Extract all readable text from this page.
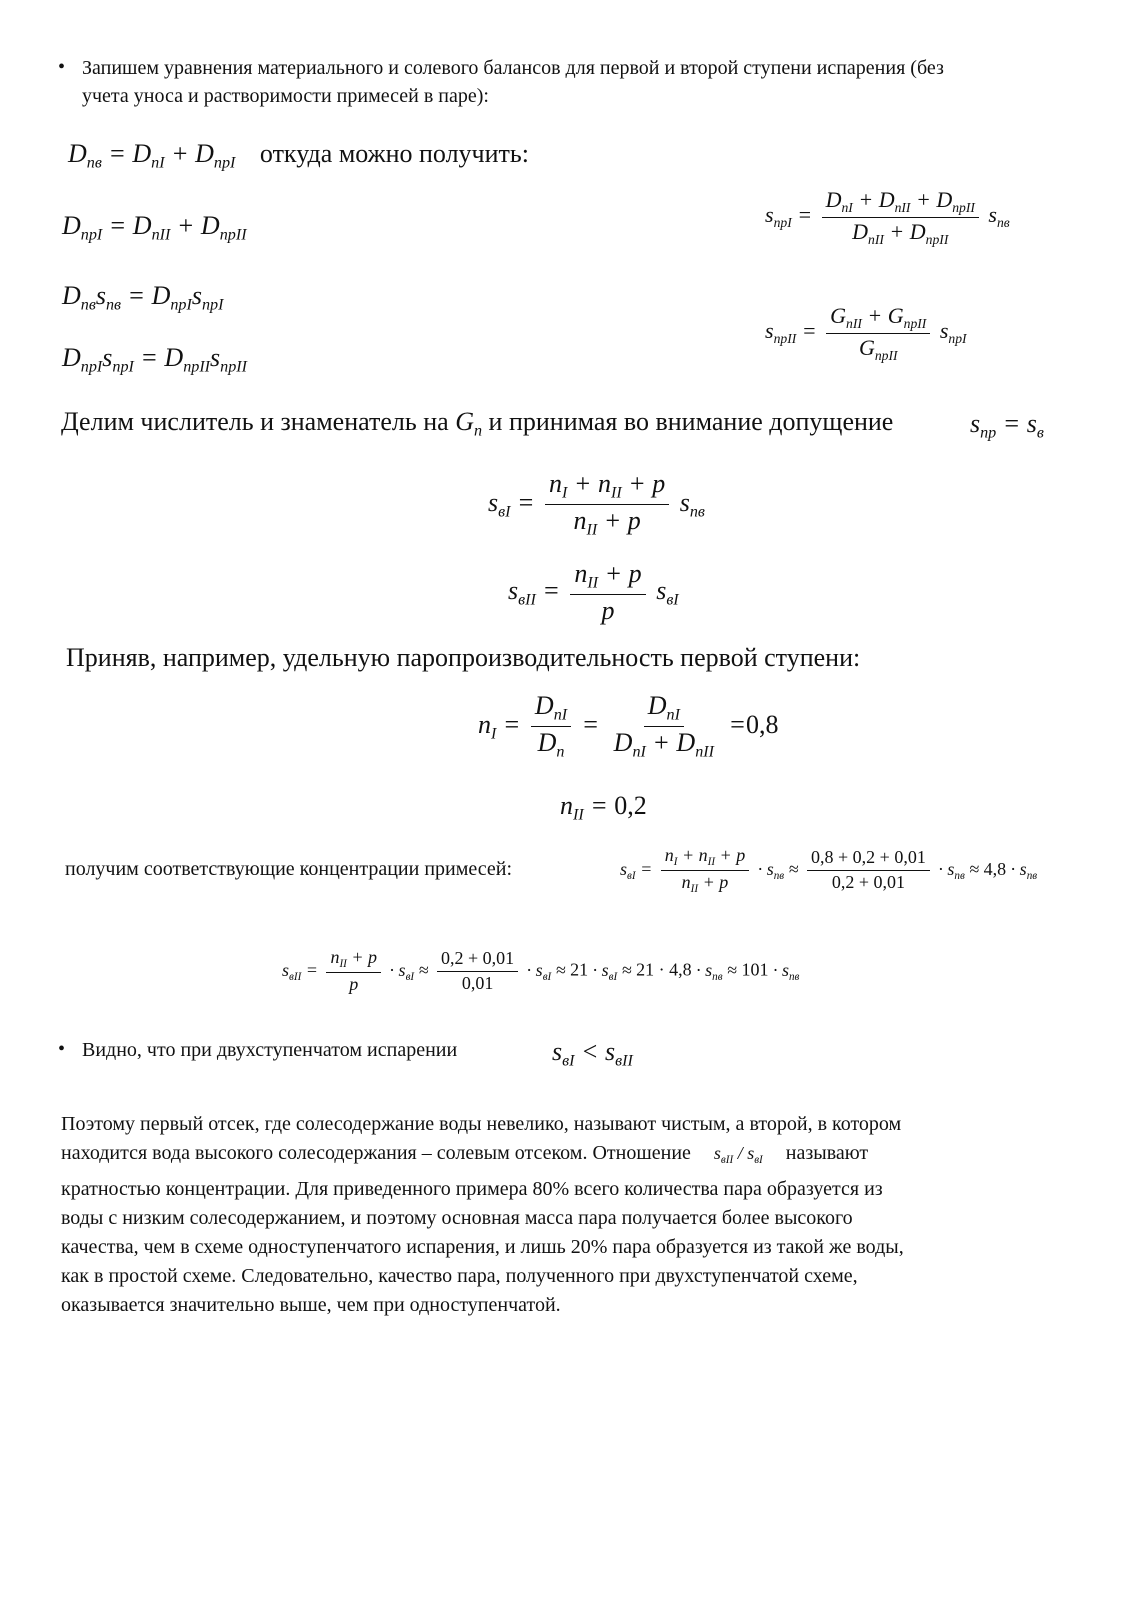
• Запишем уравнения материального и солевого балансов для первой и второй ступени испарения (без
учета уноса и растворимости примесей в паре):
$D_{пв} = D_{пI} + D_{прI}$ откуда можно получить:
$D_{прI} = D_{пII} + D_{прII}$
$D_{пв}s_{пв} = D_{прI}s_{прI}$
$D_{прI}s_{прI} = D_{прII}s_{прII}$
$s_{прI} = \frac{D_{пI} + D_{пII} + D_{прII}}{D_{пII} + D_{прII}} s_{пв}$
$s_{прII} = \frac{G_{пII} + G_{прII}}{G_{прII}} s_{прI}$
Делим числитель и знаменатель на $G_п$ и принимая во внимание допущение	$s_{пр} = s_в$
$s_{вI} = \frac{n_I + n_{II} + p}{n_{II} + p} s_{пв}$
$s_{вII} = \frac{n_{II} + p}{p} s_{вI}$
Приняв, например, удельную паропроизводительность первой ступени:
$n_I = \frac{D_{пI}}{D_п} = \frac{D_{пI}}{D_{пI} + D_{пII}} =0,8$
$n_{II} = 0,2$
получим соответствующие концентрации примесей:	$s_{вI} = \frac{n_I + n_{II} + p}{n_{II} + p} \cdot s_{пв} \approx \frac{0,8 + 0,2 + 0,01}{0,2 + 0,01} \cdot s_{пв} \approx 4,8 \cdot s_{пв}$
$s_{вII} = \frac{n_{II} + p}{p} \cdot s_{вI} \approx \frac{0,2 + 0,01}{0,01} \cdot s_{вI} \approx 21 \cdot s_{вI} \approx 21 \cdot 4,8 \cdot s_{пв} \approx 101 \cdot s_{пв}$
• Видно, что при двухступенчатом испарении	$s_{вI} < s_{вII}$
Поэтому первый отсек, где солесодержание воды невелико, называют чистым, а второй, в котором
находится вода высокого солесодержания – солевым отсеком. Отношение $s_{вII} / s_{вI}$ называют
кратностью концентрации. Для приведенного примера 80% всего количества пара образуется из
воды с низким солесодержанием, и поэтому основная масса пара получается более высокого
качества, чем в схеме одноступенчатого испарения, и лишь 20% пара образуется из такой же воды,
как в простой схеме. Следовательно, качество пара, полученного при двухступенчатой схеме,
оказывается значительно выше, чем при одноступенчатой.
